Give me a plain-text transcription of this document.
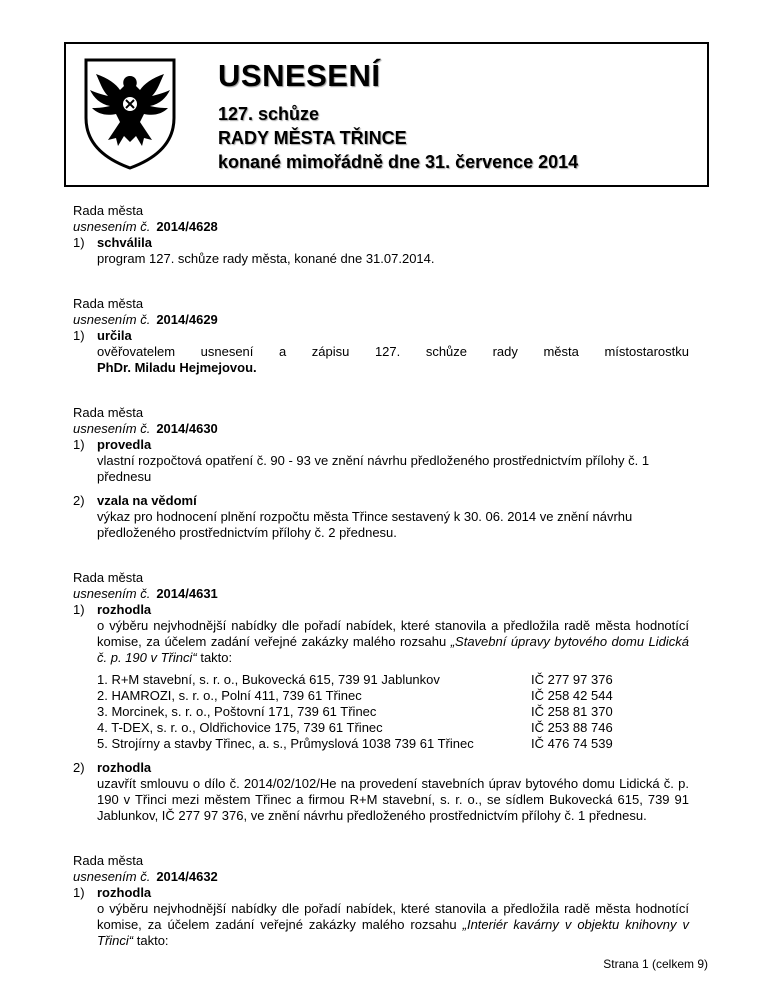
USNESENÍ
127. schůze
RADY MĚSTA TŘINCE
konané mimořádně dne 31. července 2014
Rada města
usnesením č. 2014/4628
1) schválila
program 127. schůze rady města, konané dne 31.07.2014.
Rada města
usnesením č. 2014/4629
1) určila
ověřovatelem usnesení a zápisu 127. schůze rady města místostarostku
PhDr. Miladu Hejmejovou.
Rada města
usnesením č. 2014/4630
1) provedla
vlastní rozpočtová opatření č. 90 - 93 ve znění návrhu předloženého prostřednictvím přílohy č. 1 přednesu
2) vzala na vědomí
výkaz pro hodnocení plnění rozpočtu města Třince sestavený k 30. 06. 2014 ve znění návrhu předloženého prostřednictvím přílohy č. 2 přednesu.
Rada města
usnesením č. 2014/4631
1) rozhodla
o výběru nejvhodnější nabídky dle pořadí nabídek, které stanovila a předložila radě města hodnotící komise, za účelem zadání veřejné zakázky malého rozsahu „Stavební úpravy bytového domu Lidická č. p. 190 v Třinci“ takto:
1. R+M stavební, s. r. o., Bukovecká 615, 739 91 Jablunkov	IČ 277 97 376
2. HAMROZI, s. r. o., Polní 411, 739 61 Třinec	IČ 258 42 544
3. Morcinek, s. r. o., Poštovní 171, 739 61 Třinec	IČ 258 81 370
4. T-DEX, s. r. o., Oldřichovice 175, 739 61 Třinec	IČ 253 88 746
5. Strojírny a stavby Třinec, a. s., Průmyslová 1038 739 61 Třinec	IČ 476 74 539
2) rozhodla
uzavřít smlouvu o dílo č. 2014/02/102/He na provedení stavebních úprav bytového domu Lidická č. p. 190 v Třinci mezi městem Třinec a firmou R+M stavební, s. r. o., se sídlem Bukovecká 615, 739 91 Jablunkov, IČ 277 97 376, ve znění návrhu předloženého prostřednictvím přílohy č. 1 přednesu.
Rada města
usnesením č. 2014/4632
1) rozhodla
o výběru nejvhodnější nabídky dle pořadí nabídek, které stanovila a předložila radě města hodnotící komise, za účelem zadání veřejné zakázky malého rozsahu „Interiér kavárny v objektu knihovny v Třinci“ takto:
Strana 1 (celkem 9)
